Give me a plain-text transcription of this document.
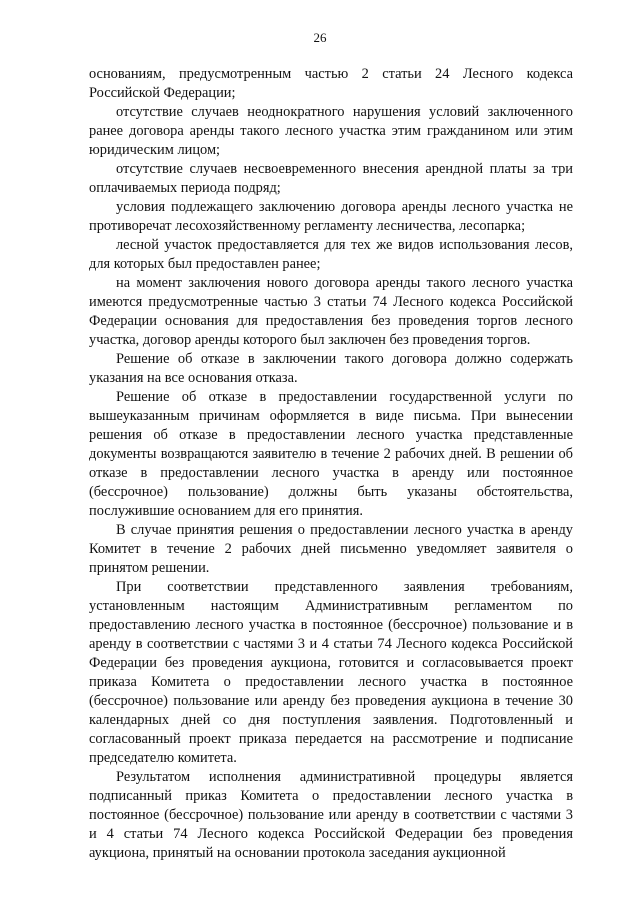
26

основаниям, предусмотренным частью 2 статьи 24 Лесного кодекса Российской Федерации;

отсутствие случаев неоднократного нарушения условий заключенного ранее договора аренды такого лесного участка этим гражданином или этим юридическим лицом;

отсутствие случаев несвоевременного внесения арендной платы за три оплачиваемых периода подряд;

условия подлежащего заключению договора аренды лесного участка не противоречат лесохозяйственному регламенту лесничества, лесопарка;

лесной участок предоставляется для тех же видов использования лесов, для которых был предоставлен ранее;

на момент заключения нового договора аренды такого лесного участка имеются предусмотренные частью 3 статьи 74 Лесного кодекса Российской Федерации основания для предоставления без проведения торгов лесного участка, договор аренды которого был заключен без проведения торгов.

Решение об отказе в заключении такого договора должно содержать указания на все основания отказа.

Решение об отказе в предоставлении государственной услуги по вышеуказанным причинам оформляется в виде письма. При вынесении решения об отказе в предоставлении лесного участка представленные документы возвращаются заявителю в течение 2 рабочих дней. В решении об отказе в предоставлении лесного участка в аренду или постоянное (бессрочное) пользование) должны быть указаны обстоятельства, послужившие основанием для его принятия.

В случае принятия решения о предоставлении лесного участка в аренду Комитет в течение 2 рабочих дней письменно уведомляет заявителя о принятом решении.

При соответствии представленного заявления требованиям, установленным настоящим Административным регламентом по предоставлению лесного участка в постоянное (бессрочное) пользование и в аренду в соответствии с частями 3 и 4 статьи 74 Лесного кодекса Российской Федерации без проведения аукциона, готовится и согласовывается проект приказа Комитета о предоставлении лесного участка в постоянное (бессрочное) пользование или аренду без проведения аукциона в течение 30 календарных дней со дня поступления заявления. Подготовленный и согласованный проект приказа передается на рассмотрение и подписание председателю комитета.

Результатом исполнения административной процедуры является подписанный приказ Комитета о предоставлении лесного участка в постоянное (бессрочное) пользование или аренду в соответствии с частями 3 и 4 статьи 74 Лесного кодекса Российской Федерации без проведения аукциона, принятый на основании протокола заседания аукционной
